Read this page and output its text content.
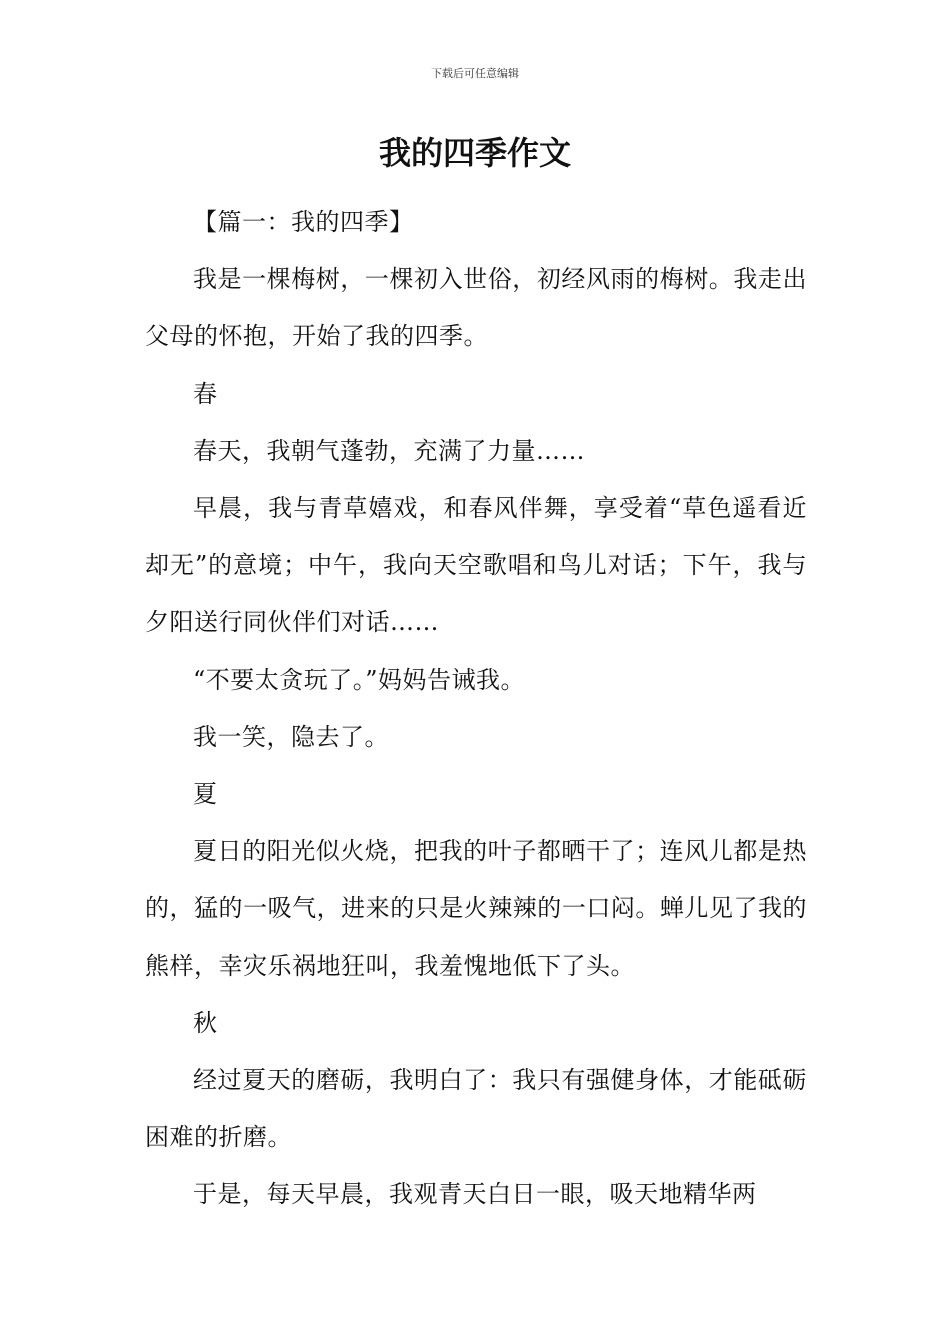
下载后可任意编辑
我的四季作文

【篇一：我的四季】

我是一棵梅树，一棵初入世俗，初经风雨的梅树。我走出父母的怀抱，开始了我的四季。

春

春天，我朝气蓬勃，充满了力量……

早晨，我与青草嬉戏，和春风伴舞，享受着“草色遥看近却无”的意境；中午，我向天空歌唱和鸟儿对话；下午，我与夕阳送行同伙伴们对话……

“不要太贪玩了。”妈妈告诫我。

我一笑，隐去了。

夏

夏日的阳光似火烧，把我的叶子都晒干了；连风儿都是热的，猛的一吸气，进来的只是火辣辣的一口闷。蝉儿见了我的熊样，幸灾乐祸地狂叫，我羞愧地低下了头。

秋

经过夏天的磨砺，我明白了：我只有强健身体，才能砥砺困难的折磨。

于是，每天早晨，我观青天白日一眼，吸天地精华两
